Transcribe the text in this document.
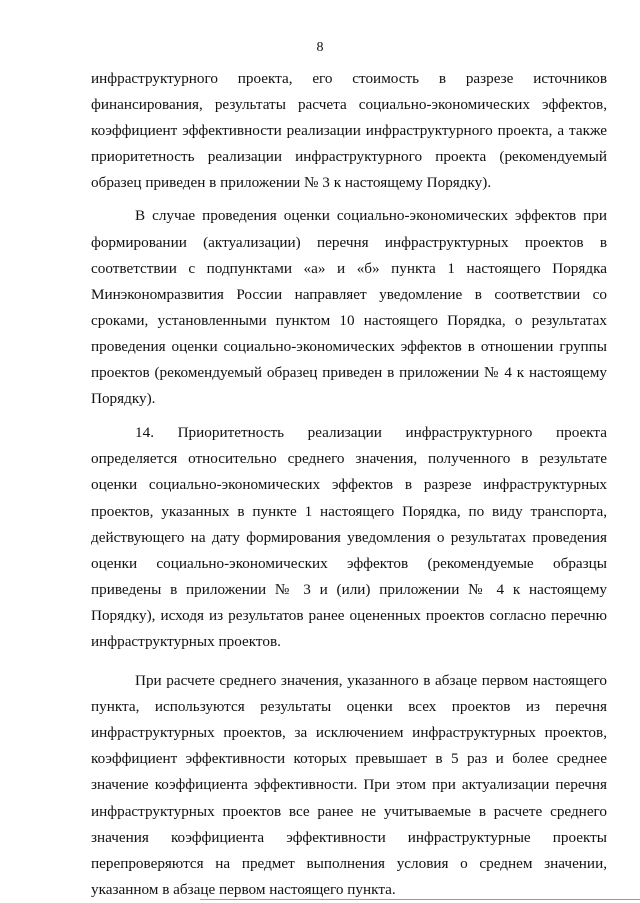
8

инфраструктурного проекта, его стоимость в разрезе источников финансирования, результаты расчета социально-экономических эффектов, коэффициент эффективности реализации инфраструктурного проекта, а также приоритетность реализации инфраструктурного проекта (рекомендуемый образец приведен в приложении № 3 к настоящему Порядку).

В случае проведения оценки социально-экономических эффектов при формировании (актуализации) перечня инфраструктурных проектов в соответствии с подпунктами «а» и «б» пункта 1 настоящего Порядка Минэкономразвития России направляет уведомление в соответствии со сроками, установленными пунктом 10 настоящего Порядка, о результатах проведения оценки социально-экономических эффектов в отношении группы проектов (рекомендуемый образец приведен в приложении № 4 к настоящему Порядку).

14. Приоритетность реализации инфраструктурного проекта определяется относительно среднего значения, полученного в результате оценки социально-экономических эффектов в разрезе инфраструктурных проектов, указанных в пункте 1 настоящего Порядка, по виду транспорта, действующего на дату формирования уведомления о результатах проведения оценки социально-экономических эффектов (рекомендуемые образцы приведены в приложении № 3 и (или) приложении № 4 к настоящему Порядку), исходя из результатов ранее оцененных проектов согласно перечню инфраструктурных проектов.

При расчете среднего значения, указанного в абзаце первом настоящего пункта, используются результаты оценки всех проектов из перечня инфраструктурных проектов, за исключением инфраструктурных проектов, коэффициент эффективности которых превышает в 5 раз и более среднее значение коэффициента эффективности. При этом при актуализации перечня инфраструктурных проектов все ранее не учитываемые в расчете среднего значения коэффициента эффективности инфраструктурные проекты перепроверяются на предмет выполнения условия о среднем значении, указанном в абзаце первом настоящего пункта.
